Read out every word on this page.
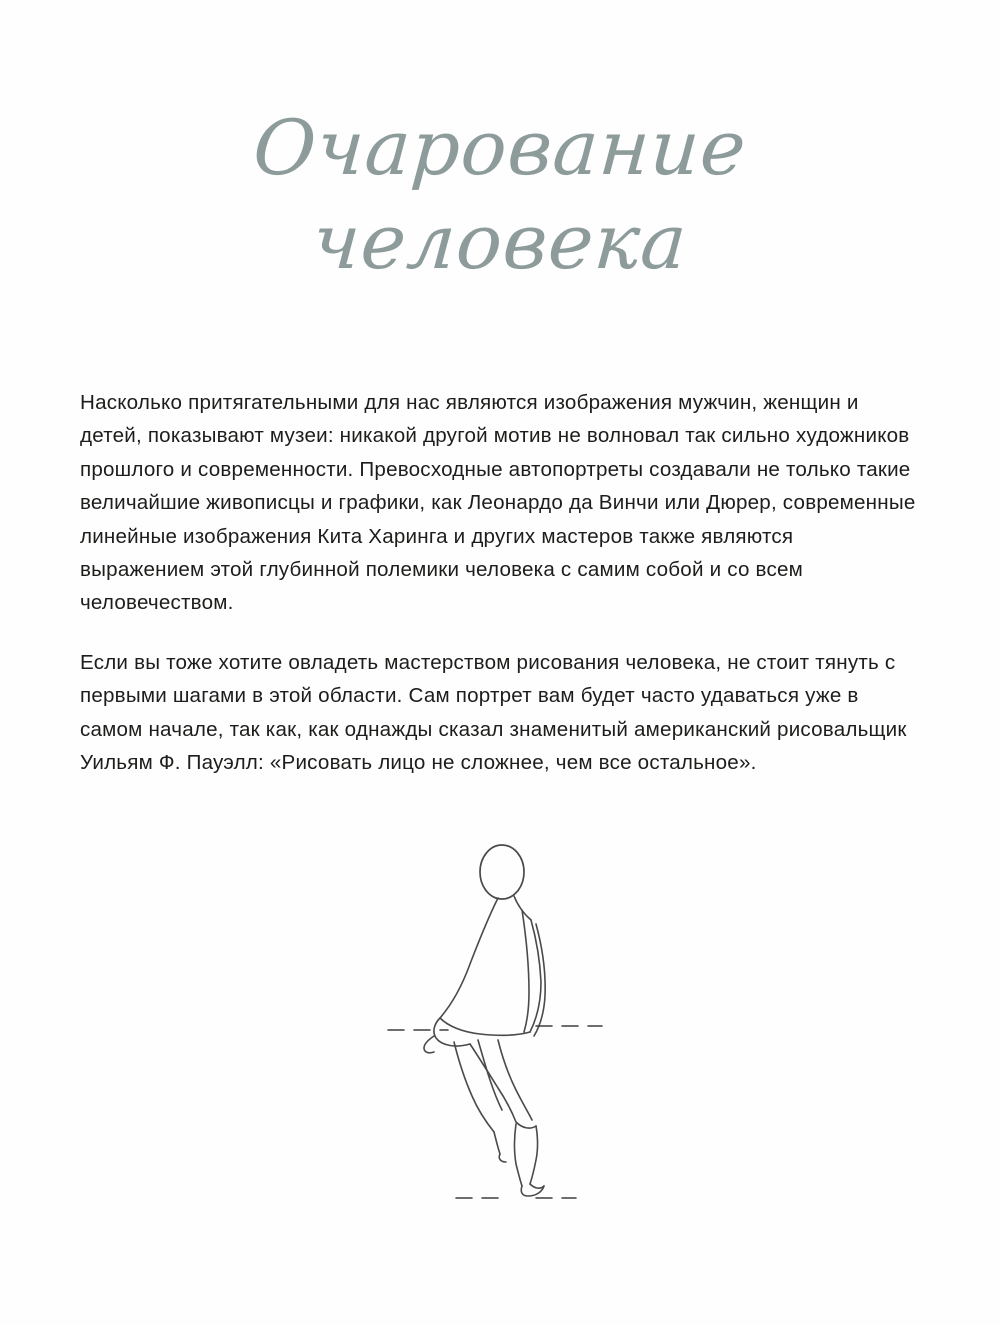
Очарование
человека

Насколько притягательными для нас являются изображения мужчин, женщин и детей, показывают музеи: никакой другой мотив не волновал так сильно художников прошлого и современности. Превосходные автопортреты создавали не только такие величайшие живописцы и графики, как Леонардо да Винчи или Дюрер, современные линейные изображения Кита Харинга и других мастеров также являются выражением этой глубинной полемики человека с самим собой и со всем человечеством.

Если вы тоже хотите овладеть мастерством рисования человека, не стоит тянуть с первыми шагами в этой области. Сам портрет вам будет часто удаваться уже в самом начале, так как, как однажды сказал знаменитый американский рисовальщик Уильям Ф. Пауэлл: «Рисовать лицо не сложнее, чем все остальное».
